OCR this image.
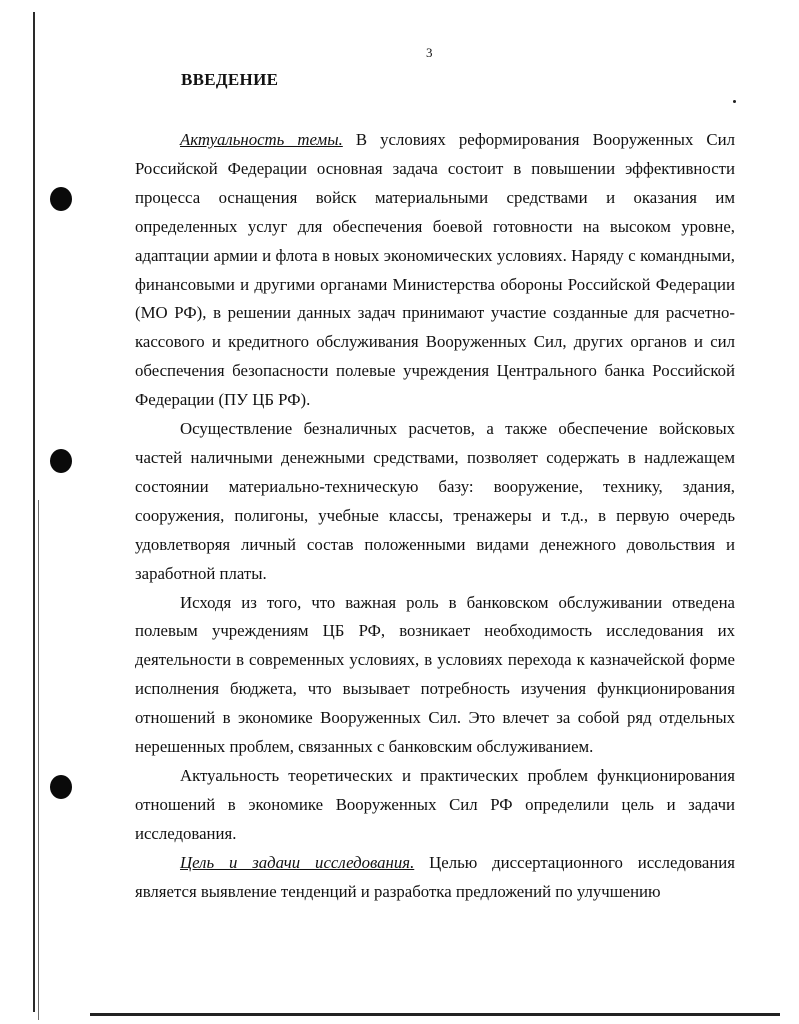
3
ВВЕДЕНИЕ

Актуальность темы. В условиях реформирования Вооруженных Сил Российской Федерации основная задача состоит в повышении эффективности процесса оснащения войск материальными средствами и оказания им определенных услуг для обеспечения боевой готовности на высоком уровне, адаптации армии и флота в новых экономических условиях. Наряду с командными, финансовыми и другими органами Министерства обороны Российской Федерации (МО РФ), в решении данных задач принимают участие созданные для расчетно-кассового и кредитного обслуживания Вооруженных Сил, других органов и сил обеспечения безопасности полевые учреждения Центрального банка Российской Федерации (ПУ ЦБ РФ).

Осуществление безналичных расчетов, а также обеспечение войсковых частей наличными денежными средствами, позволяет содержать в надлежащем состоянии материально-техническую базу: вооружение, технику, здания, сооружения, полигоны, учебные классы, тренажеры и т.д., в первую очередь удовлетворяя личный состав положенными видами денежного довольствия и заработной платы.

Исходя из того, что важная роль в банковском обслуживании отведена полевым учреждениям ЦБ РФ, возникает необходимость исследования их деятельности в современных условиях, в условиях перехода к казначейской форме исполнения бюджета, что вызывает потребность изучения функционирования отношений в экономике Вооруженных Сил. Это влечет за собой ряд отдельных нерешенных проблем, связанных с банковским обслуживанием.

Актуальность теоретических и практических проблем функционирования отношений в экономике Вооруженных Сил РФ определили цель и задачи исследования.

Цель и задачи исследования. Целью диссертационного исследования является выявление тенденций и разработка предложений по улучшению
